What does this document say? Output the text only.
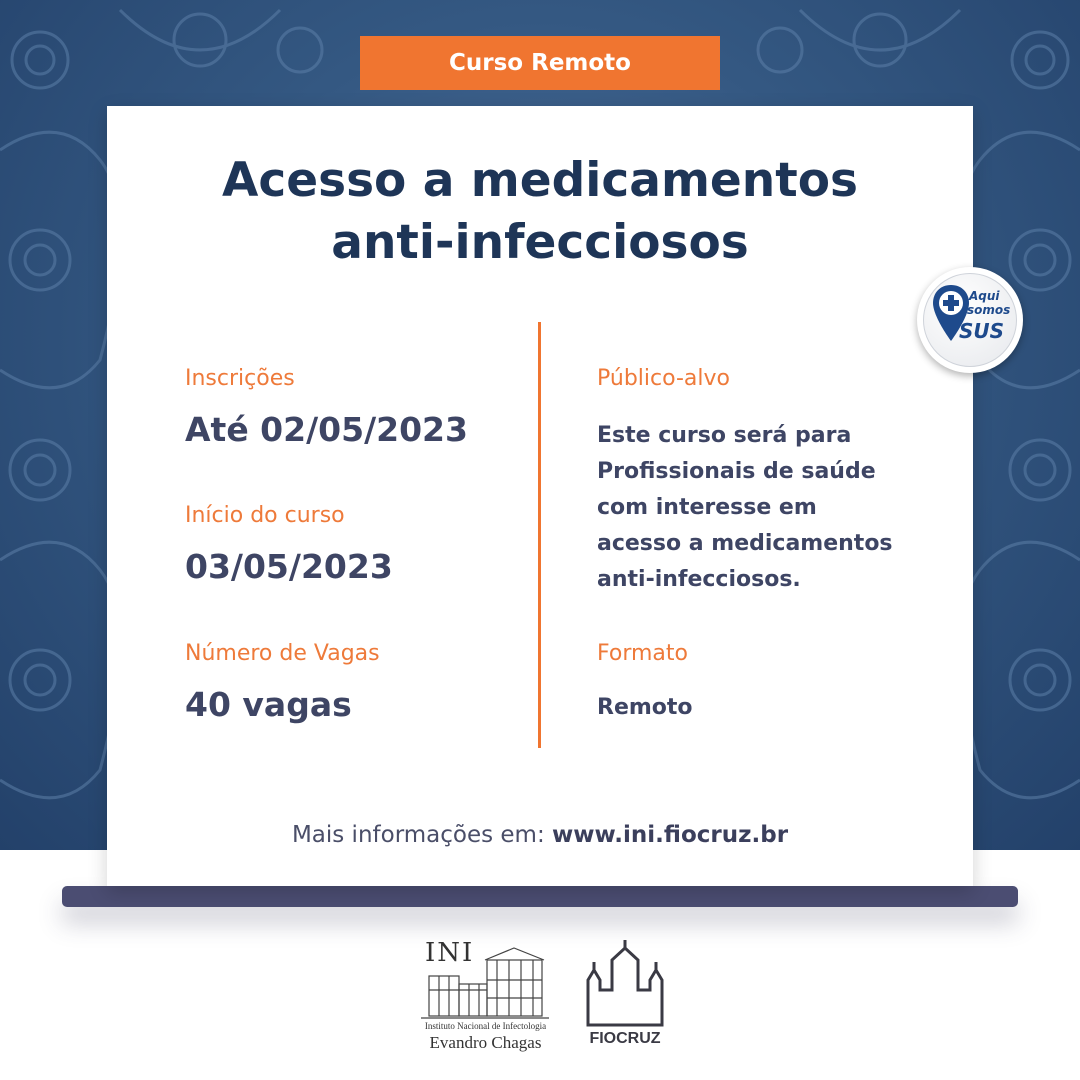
Curso Remoto
Acesso a medicamentos
anti-infecciosos
Inscrições
Até 02/05/2023
Início do curso
03/05/2023
Número de Vagas
40 vagas
Público-alvo
Este curso será para
Profissionais de saúde
com interesse em
acesso a medicamentos
anti-infecciosos.
Formato
Remoto
Mais informações em: www.ini.fiocruz.br
Aqui
somos
SUS
INI
Instituto Nacional de Infectologia
Evandro Chagas	FIOCRUZ
